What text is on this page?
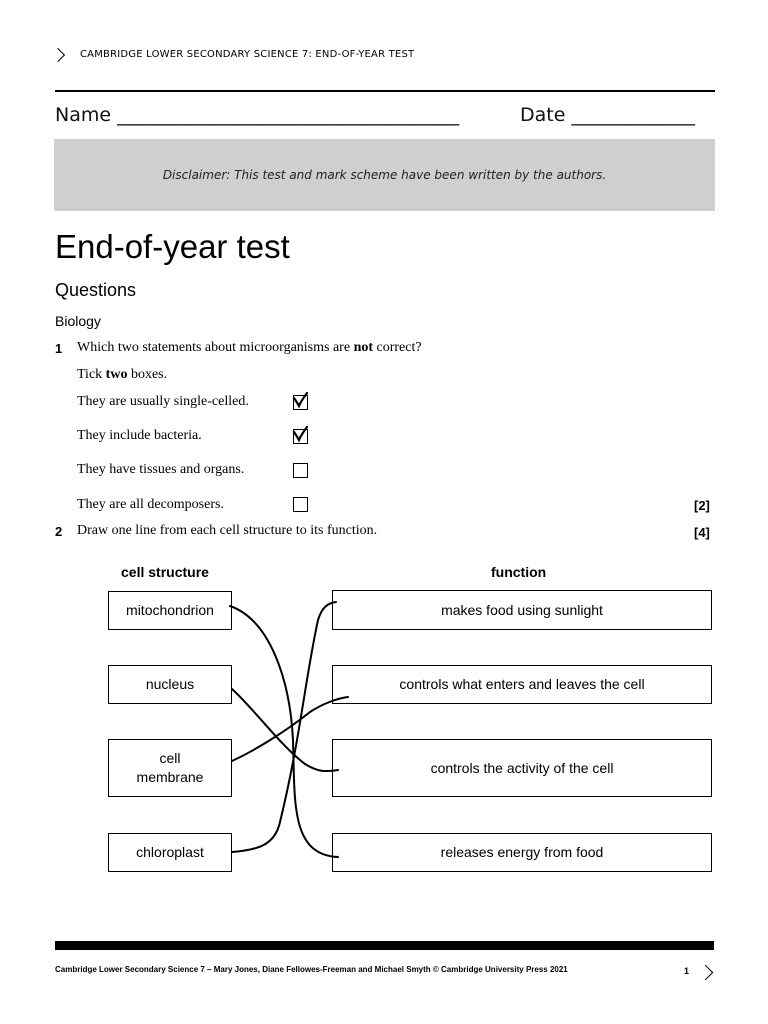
CAMBRIDGE LOWER SECONDARY SCIENCE 7: END-OF-YEAR TEST
Name ____________________________________	Date _____________
Disclaimer: This test and mark scheme have been written by the authors.
End-of-year test
Questions
Biology
1 Which two statements about microorganisms are not correct?
Tick two boxes.
They are usually single-celled.
They include bacteria.
They have tissues and organs.
They are all decomposers.	[2]
2 Draw one line from each cell structure to its function.	[4]
cell structure	function
mitochondrion
nucleus
cell membrane
chloroplast
makes food using sunlight
controls what enters and leaves the cell
controls the activity of the cell
releases energy from food
Cambridge Lower Secondary Science 7 – Mary Jones, Diane Fellowes-Freeman and Michael Smyth © Cambridge University Press 2021	1
